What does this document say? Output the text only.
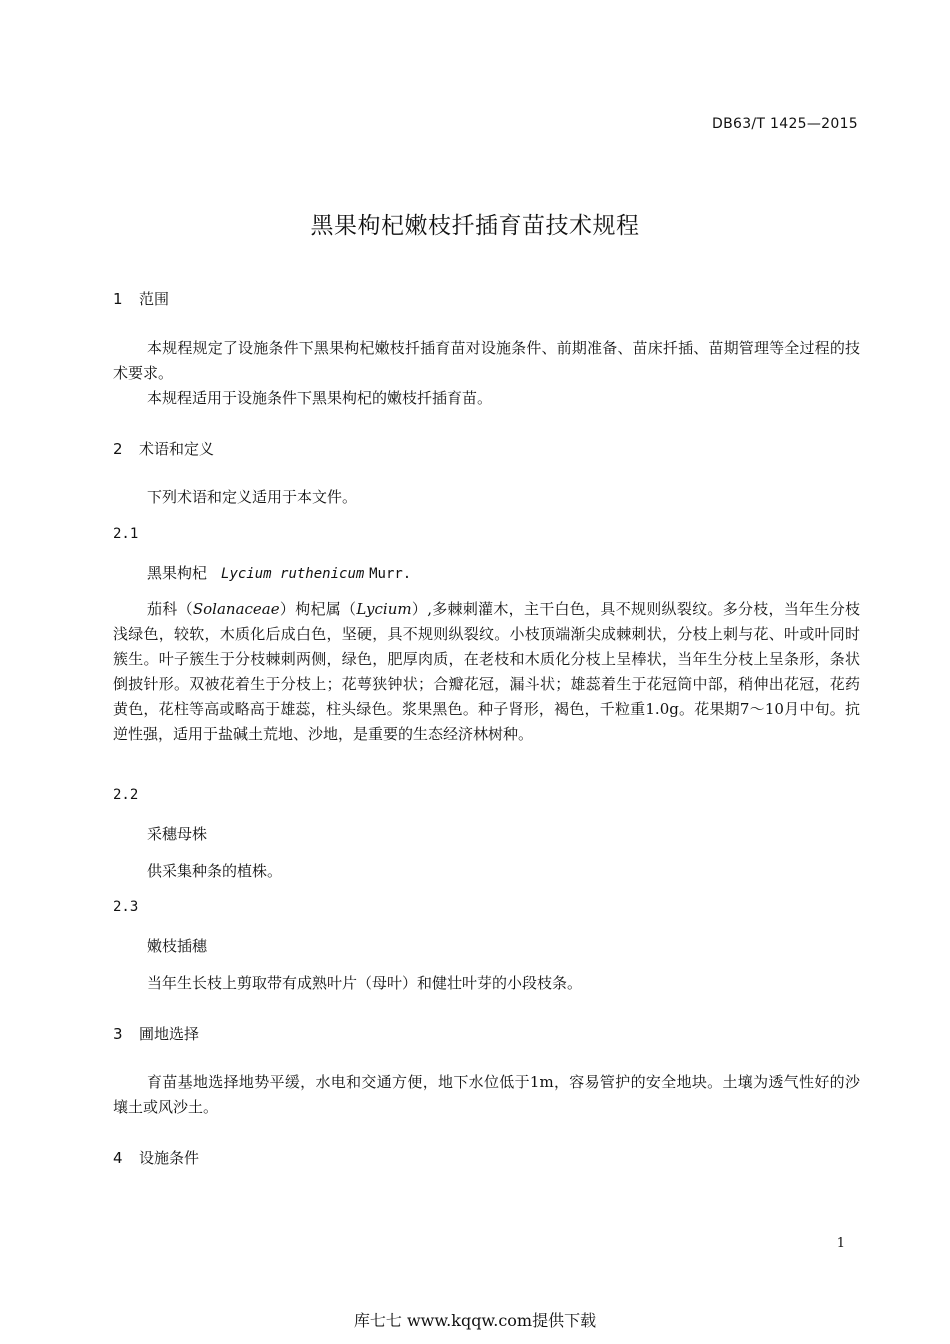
DB63/T 1425—2015
黑果枸杞嫩枝扦插育苗技术规程
1 范围

本规程规定了设施条件下黑果枸杞嫩枝扦插育苗对设施条件、前期准备、苗床扦插、苗期管理等全过程的技术要求。

本规程适用于设施条件下黑果枸杞的嫩枝扦插育苗。

2 术语和定义

下列术语和定义适用于本文件。

2.1
黑果枸杞 Lycium ruthenicum Murr.

茄科（Solanaceae）枸杞属（Lycium）,多棘刺灌木，主干白色，具不规则纵裂纹。多分枝，当年生分枝浅绿色，较软，木质化后成白色，坚硬，具不规则纵裂纹。小枝顶端渐尖成棘刺状，分枝上刺与花、叶或叶同时簇生。叶子簇生于分枝棘刺两侧，绿色，肥厚肉质，在老枝和木质化分枝上呈棒状，当年生分枝上呈条形，条状倒披针形。双被花着生于分枝上；花萼狭钟状；合瓣花冠，漏斗状；雄蕊着生于花冠筒中部，稍伸出花冠，花药黄色，花柱等高或略高于雄蕊，柱头绿色。浆果黑色。种子肾形，褐色，千粒重1.0g。花果期7～10月中旬。抗逆性强，适用于盐碱土荒地、沙地，是重要的生态经济林树种。

2.2
采穗母株

供采集种条的植株。

2.3
嫩枝插穗

当年生长枝上剪取带有成熟叶片（母叶）和健壮叶芽的小段枝条。

3 圃地选择

育苗基地选择地势平缓，水电和交通方便，地下水位低于1m，容易管护的安全地块。土壤为透气性好的沙壤土或风沙土。

4 设施条件
1
库七七 www.kqqw.com提供下载
